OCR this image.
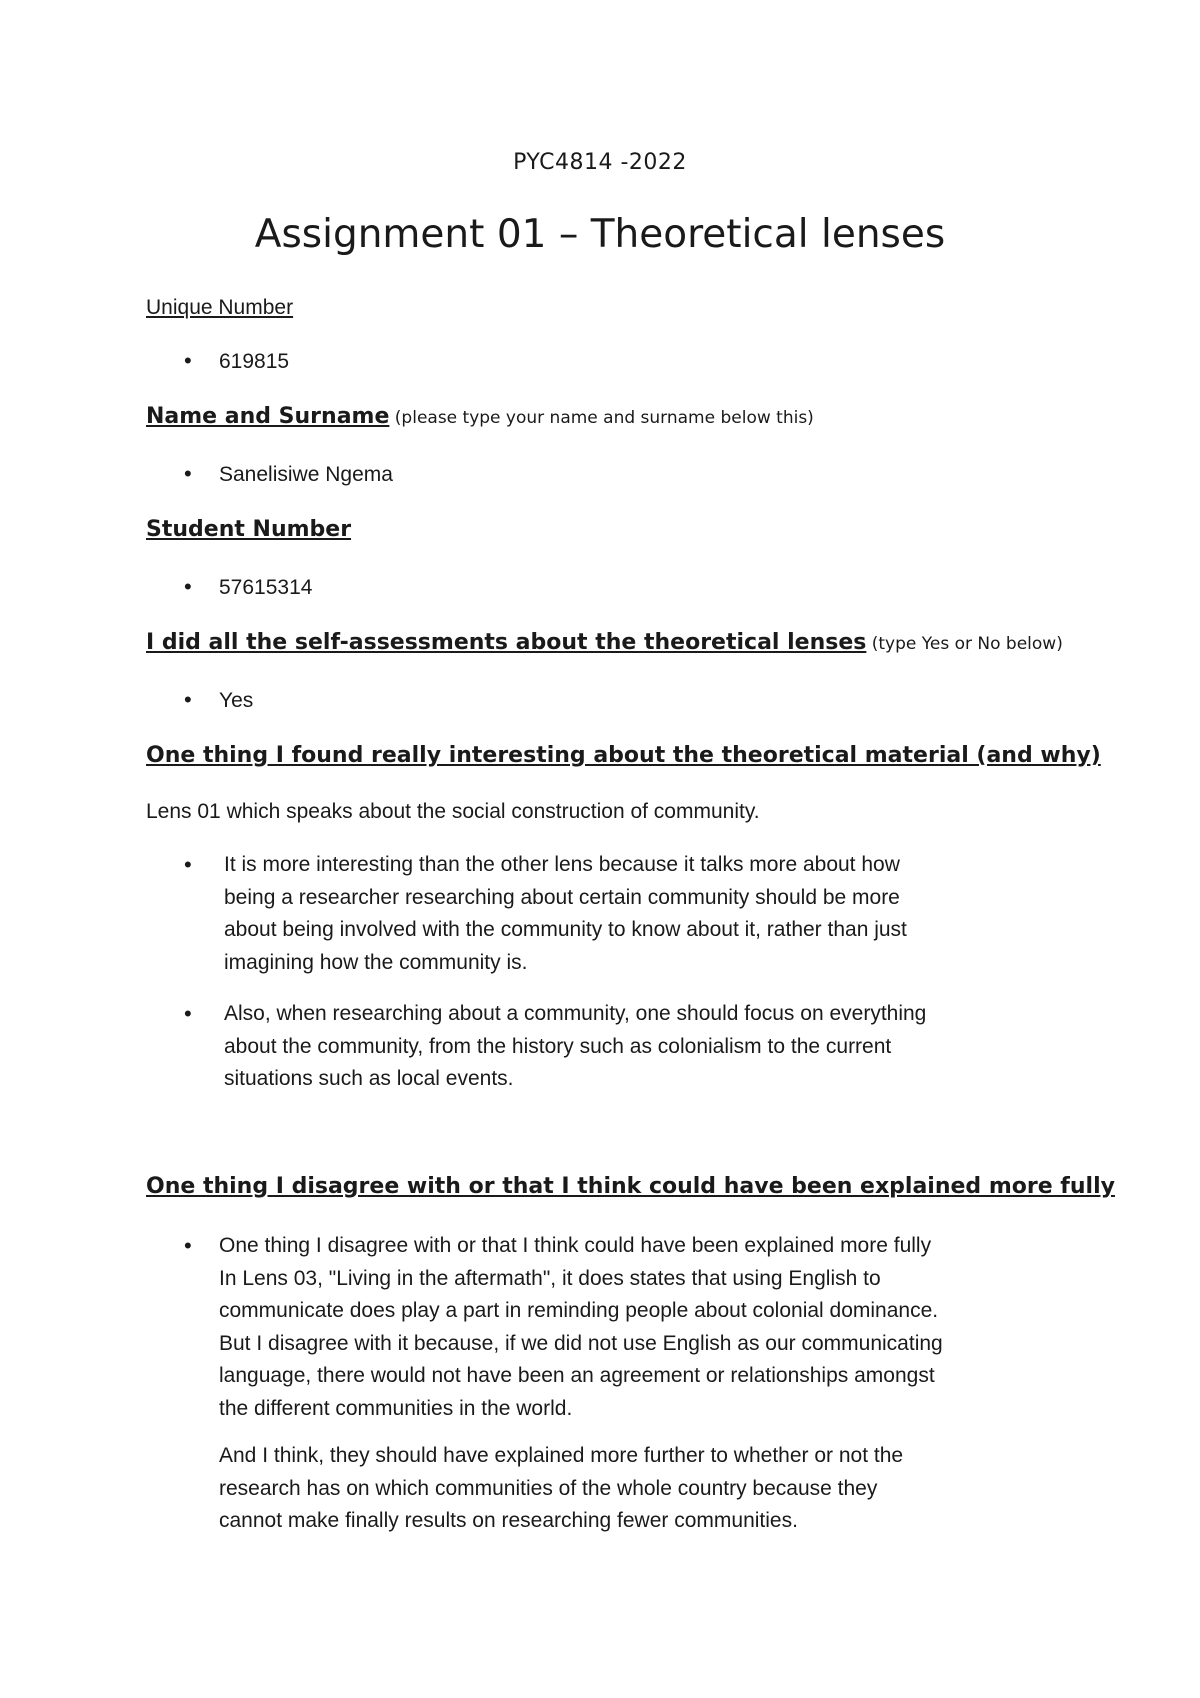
PYC4814 -2022
Assignment 01 – Theoretical lenses
Unique Number
• 619815
Name and Surname (please type your name and surname below this)
• Sanelisiwe Ngema
Student Number
• 57615314
I did all the self-assessments about the theoretical lenses (type Yes or No below)
• Yes
One thing I found really interesting about the theoretical material (and why)
Lens 01 which speaks about the social construction of community.
• It is more interesting than the other lens because it talks more about how
being a researcher researching about certain community should be more
about being involved with the community to know about it, rather than just
imagining how the community is.
• Also, when researching about a community, one should focus on everything
about the community, from the history such as colonialism to the current
situations such as local events.
One thing I disagree with or that I think could have been explained more fully
• One thing I disagree with or that I think could have been explained more fully
In Lens 03, "Living in the aftermath", it does states that using English to
communicate does play a part in reminding people about colonial dominance.
But I disagree with it because, if we did not use English as our communicating
language, there would not have been an agreement or relationships amongst
the different communities in the world.
And I think, they should have explained more further to whether or not the
research has on which communities of the whole country because they
cannot make finally results on researching fewer communities.
